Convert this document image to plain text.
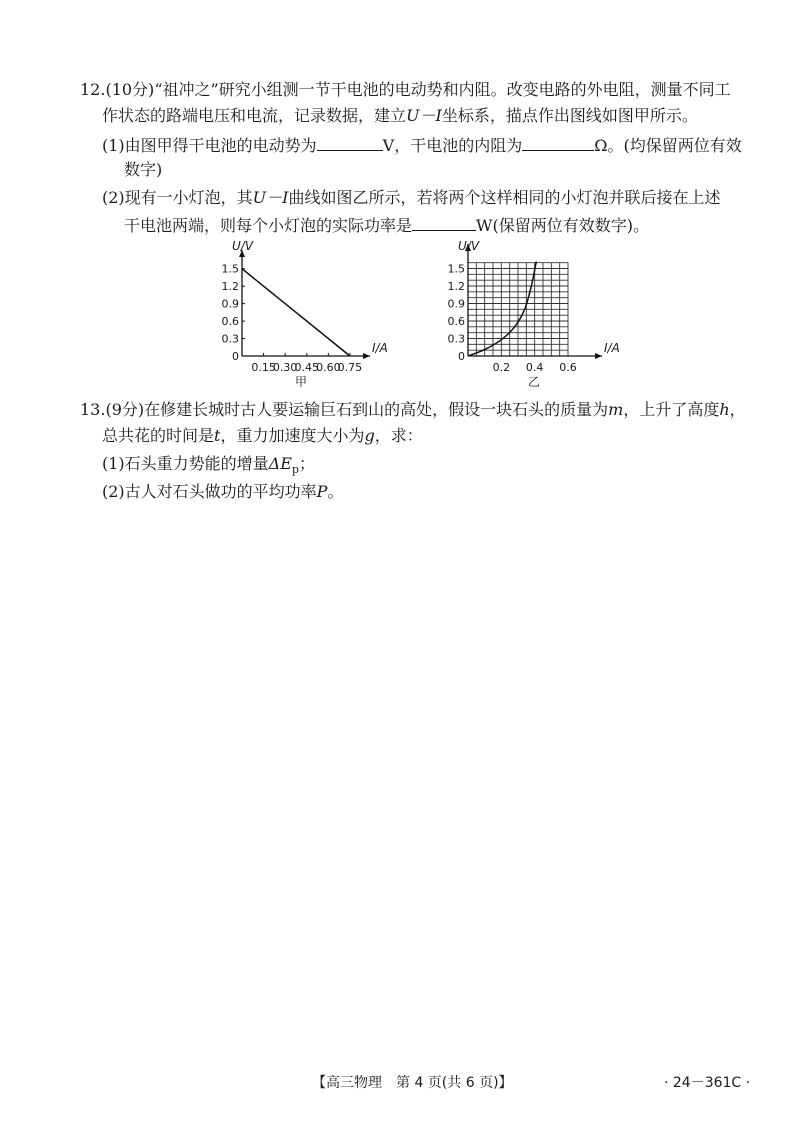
12.(10分)“祖冲之”研究小组测一节干电池的电动势和内阻。改变电路的外电阻，测量不同工
作状态的路端电压和电流，记录数据，建立U－I坐标系，描点作出图线如图甲所示。
(1)由图甲得干电池的电动势为	V，干电池的内阻为	Ω。(均保留两位有效
数字)
(2)现有一小灯泡，其U－I曲线如图乙所示，若将两个这样相同的小灯泡并联后接在上述
干电池两端，则每个小灯泡的实际功率是	W(保留两位有效数字)。
1.5
1.2
0.9
0.6
0.3
0
0.15
0.30
0.45
0.60
0.75
U/V
I/A
甲
1.5
1.2
0.9
0.6
0.3
0
0.2 0.4 0.6
U/V
I/A
乙
13.(9分)在修建长城时古人要运输巨石到山的高处，假设一块石头的质量为m，上升了高度h，
总共花的时间是t，重力加速度大小为g，求：
(1)石头重力势能的增量$\Delta E_p$；
(2)古人对石头做功的平均功率P。
【高三物理　第 4 页(共 6 页)】	· 24－361C ·
